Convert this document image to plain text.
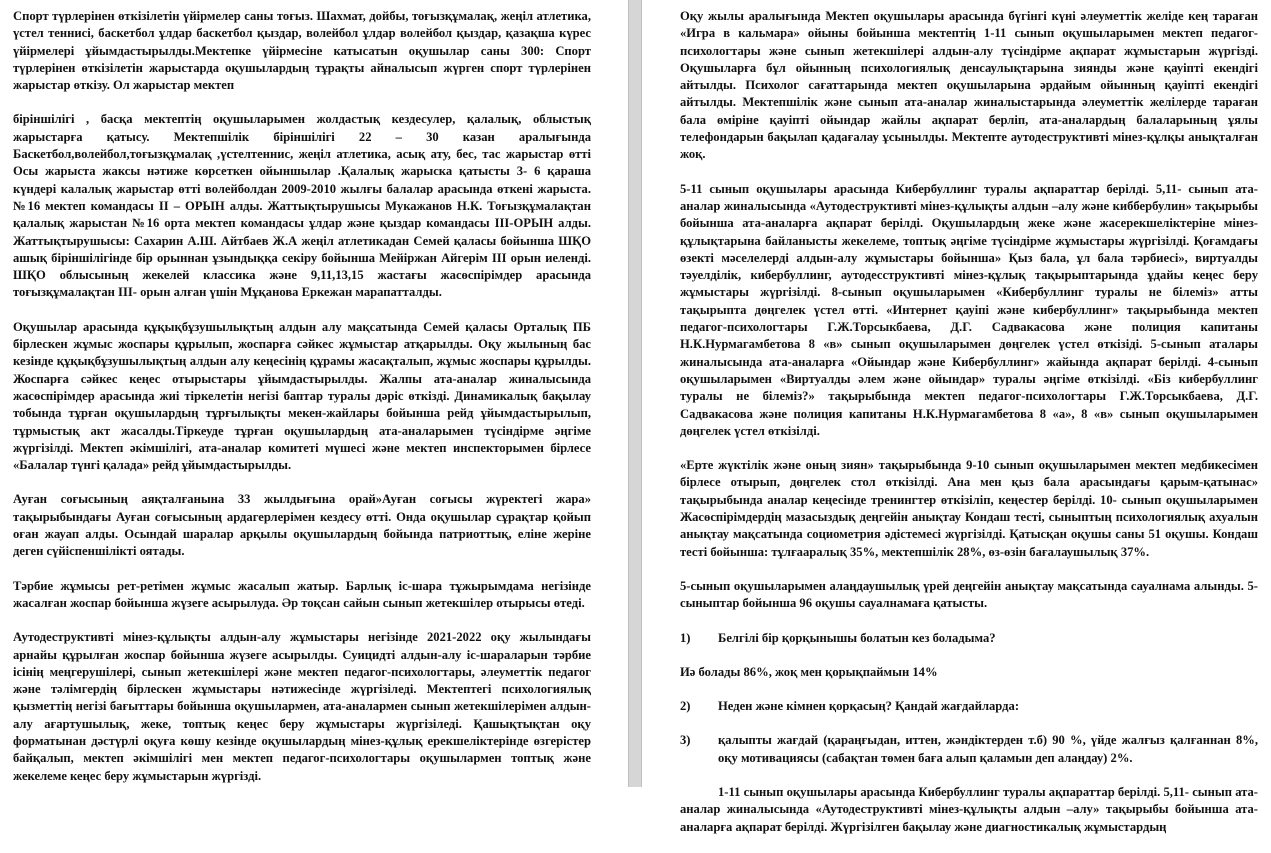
Спорт түрлерінен өткізілетін үйірмелер саны тоғыз. Шахмат, дойбы, тоғызқұмалақ, жеңіл атлетика, үстел теннисі, баскетбол ұлдар баскетбол қыздар, волейбол ұлдар волейбол қыздар, қазақша күрес үйірмелері ұйымдастырылды.Мектепке үйірмесіне катысатын оқушылар саны 300: Спорт түрлерінен өткізілетін жарыстарда оқушылардың тұрақты айналысып жүрген спорт түрлерінен жарыстар өткізу. Ол жарыстар мектеп

біріншілігі , басқа мектептің оқушыларымен жолдастық кездесулер, қалалық, облыстық жарыстарға қатысу. Мектепшілік біріншілігі 22 – 30 казан аралығында Баскетбол,волейбол,тоғызқұмалақ ,үстелтеннис, жеңіл атлетика, асық ату, бес, тас жарыстар өтті Осы жарыста жаксы нәтиже көрсеткен ойыншылар .Қалалық жарыска қатысты 3- 6 қараша күндері калалық жарыстар өтті волейболдан 2009-2010 жылғы балалар арасында өткені жарыста. №16 мектеп командасы ІІ – ОРЫН алды. Жаттықтырушысы Мукажанов Н.К. Тоғызқұмалақтан қалалық жарыстан №16 орта мектеп командасы ұлдар және қыздар командасы ІІІ-ОРЫН алды. Жаттықтырушысы: Сахарин А.Ш. Айтбаев Ж.А жеңіл атлетикадан Семей қаласы бойынша ШҚО ашық біріншілігінде бір орыннан ұзындыққа секіру бойынша Мейіржан Айгерім ІІІ орын иеленді. ШҚО облысының жекелей классика және 9,11,13,15 жастағы жасөспірімдер арасында тоғызқұмалақтан ІІІ- орын алған үшін Мұқанова Еркежан марапатталды.

Оқушылар арасында құқықбұзушылықтың алдын алу мақсатында Семей қаласы Орталық ПБ бірлескен жұмыс жоспары құрылып, жоспарға сәйкес жұмыстар атқарылды. Оқу жылының бас кезінде құқықбұзушылықтың алдын алу кеңесінің құрамы жасақталып, жұмыс жоспары құрылды. Жоспарға сәйкес кеңес отырыстары ұйымдастырылды. Жалпы ата-аналар жиналысында жасөспірімдер арасында жиі тіркелетін негізі баптар туралы дәріс өткізді. Динамикалық бақылау тобында тұрған оқушылардың тұрғылықты мекен-жайлары бойынша рейд ұйымдастырылып, тұрмыстық акт жасалды.Тіркеуде тұрған оқушылардың ата-аналарымен түсіндірме әңгіме жүргізілді. Мектеп әкімшілігі, ата-аналар комитеті мүшесі және мектеп инспекторымен бірлесе «Балалар түнгі қалада» рейд ұйымдастырылды.

Ауған соғысының аяқталғанына 33 жылдығына орай»Ауған соғысы жүректегі жара» тақырыбындағы Ауған соғысының ардагерлерімен кездесу өтті. Онда оқушылар сұрақтар қойып оған жауап алды. Осындай шаралар арқылы оқушылардың бойында патриоттық, еліне жеріне деген сүйіспеншілікті оятады.

Тәрбие жұмысы рет-ретімен жұмыс жасалып жатыр. Барлық іс-шара тұжырымдама негізінде жасалған жоспар бойынша жүзеге асырылуда. Әр тоқсан сайын сынып жетекшілер отырысы өтеді.

Аутодеструктивті мінез-құлықты алдын-алу жұмыстары негізінде 2021-2022 оқу жылындағы арнайы құрылған жоспар бойынша жүзеге асырылды. Суицидті алдын-алу іс-шараларын тәрбие ісінің меңгерушілері, сынып жетекшілері және мектеп педагог-психологтары, әлеуметтік педагог және тәлімгердің бірлескен жұмыстары нәтижесінде жүргізіледі. Мектептегі психологиялық қызметтің негізі бағыттары бойынша оқушылармен, ата-аналармен сынып жетекшілерімен алдын-алу ағартушылық, жеке, топтық кеңес беру жұмыстары жүргізіледі. Қашықтықтан оқу форматынан дәстүрлі оқуға көшу кезінде оқушылардың мінез-құлық ерекшеліктерінде өзгерістер байқалып, мектеп әкімшілігі мен мектеп педагог-психологтары оқушылармен топтық және жекелеме кеңес беру жұмыстарын жүргізді.

Оқу жылы аралығында Мектеп оқушылары арасында бүгінгі күні әлеуметтік желіде кең тараған «Игра в кальмара» ойыны бойынша мектептің 1-11 сынып оқушыларымен мектеп педагог-психологтары және сынып жетекшілері алдын-алу түсіндірме ақпарат жұмыстарын жүргізді. Оқушыларға бұл ойынның психологиялық денсаулықтарына зиянды және қауіпті екендігі айтылды. Психолог сағаттарында мектеп оқушыларына әрдайым ойынның қауіпті екендігі айтылды. Мектепшілік және сынып ата-аналар жиналыстарында әлеуметтік желілерде тараған бала өміріне қауіпті ойындар жайлы ақпарат берліп, ата-аналардың балаларының ұялы телефондарын бақылап қадағалау ұсынылды. Мектепте аутодеструктивті мінез-құлқы анықталған жоқ.

5-11 сынып оқушылары арасында Кибербуллинг туралы ақпараттар берілді. 5,11- сынып ата-аналар жиналысында «Аутодеструктивті мінез-құлықты алдын –алу және киббербулин» тақырыбы бойынша ата-аналарға ақпарат берілді. Оқушылардың жеке және жасерекшеліктеріне мінез-құлықтарына байланысты жекелеме, топтық әңгіме түсіндірме жұмыстары жүргізілді. Қоғамдағы өзекті мәселелерді алдын-алу жұмыстары бойынша» Қыз бала, ұл бала тәрбиесі», виртуалды тәуелділік, кибербуллинг, аутодесструктивті мінез-құлық тақырыптарында ұдайы кеңес беру жұмыстары жүргізілді. 8-сынып оқушыларымен «Кибербуллинг туралы не білеміз» атты тақырыпта дөңгелек үстел өтті. «Интернет қауіпі және кибербуллинг» тақырыбында мектеп педагог-психологтары Г.Ж.Торсыкбаева, Д.Г. Садвакасова және полиция капитаны Н.К.Нурмагамбетова 8 «в» сынып оқушыларымен дөңгелек үстел өткізіді. 5-сынып аталары жиналысында ата-аналарға «Ойындар және Кибербуллинг» жайында ақпарат берілді. 4-сынып оқушыларымен «Виртуалды әлем және ойындар» туралы әңгіме өткізілді. «Біз кибербуллинг туралы не білеміз?» тақырыбында мектеп педагог-психологтары Г.Ж.Торсыкбаева, Д.Г. Садвакасова және полиция капитаны Н.К.Нурмагамбетова 8 «а», 8 «в» сынып оқушыларымен дөңгелек үстел өткізілді.

«Ерте жүктілік және оның зиян» тақырыбында 9-10 сынып оқушыларымен мектеп медбикесімен бірлесе отырып, дөңгелек стол өткізілді. Ана мен қыз бала арасындағы қарым-қатынас» тақырыбында аналар кеңесінде тренингтер өткізіліп, кеңестер берілді. 10- сынып оқушыларымен Жасөспірімдердің мазасыздық деңгейін анықтау Кондаш тесті, сыныптың психологиялық ахуалын анықтау мақсатында социометрия әдістемесі жүргізілді. Қатысқан оқушы саны 51 оқушы. Кондаш тесті бойынша: тұлғааралық 35%, мектепшілік 28%, өз-өзін бағалаушылық 37%.

5-сынып оқушыларымен алаңдаушылық үрей деңгейін анықтау мақсатында сауалнама алынды. 5- сыныптар бойынша 96 оқушы сауалнамаға қатысты.

1)	Белгілі бір қорқынышы болатын кез боладыма?

Иә болады 86%, жоқ мен қорықпаймын 14%

2)	Неден және кімнен қорқасың? Қандай жағдайларда:

3)	қалыпты жағдай (қараңғыдан, иттен, жәндіктерден т.б) 90 %, үйде жалғыз қалғаннан 8%, оқу мотивациясы (сабақтан төмен баға алып қаламын деп алаңдау) 2%.

1-11 сынып оқушылары арасында Кибербуллинг туралы ақпараттар берілді. 5,11- сынып ата-аналар жиналысында «Аутодеструктивті мінез-құлықты алдын –алу» тақырыбы бойынша ата-аналарға ақпарат берілді. Жүргізілген бақылау және диагностикалық жұмыстардың
